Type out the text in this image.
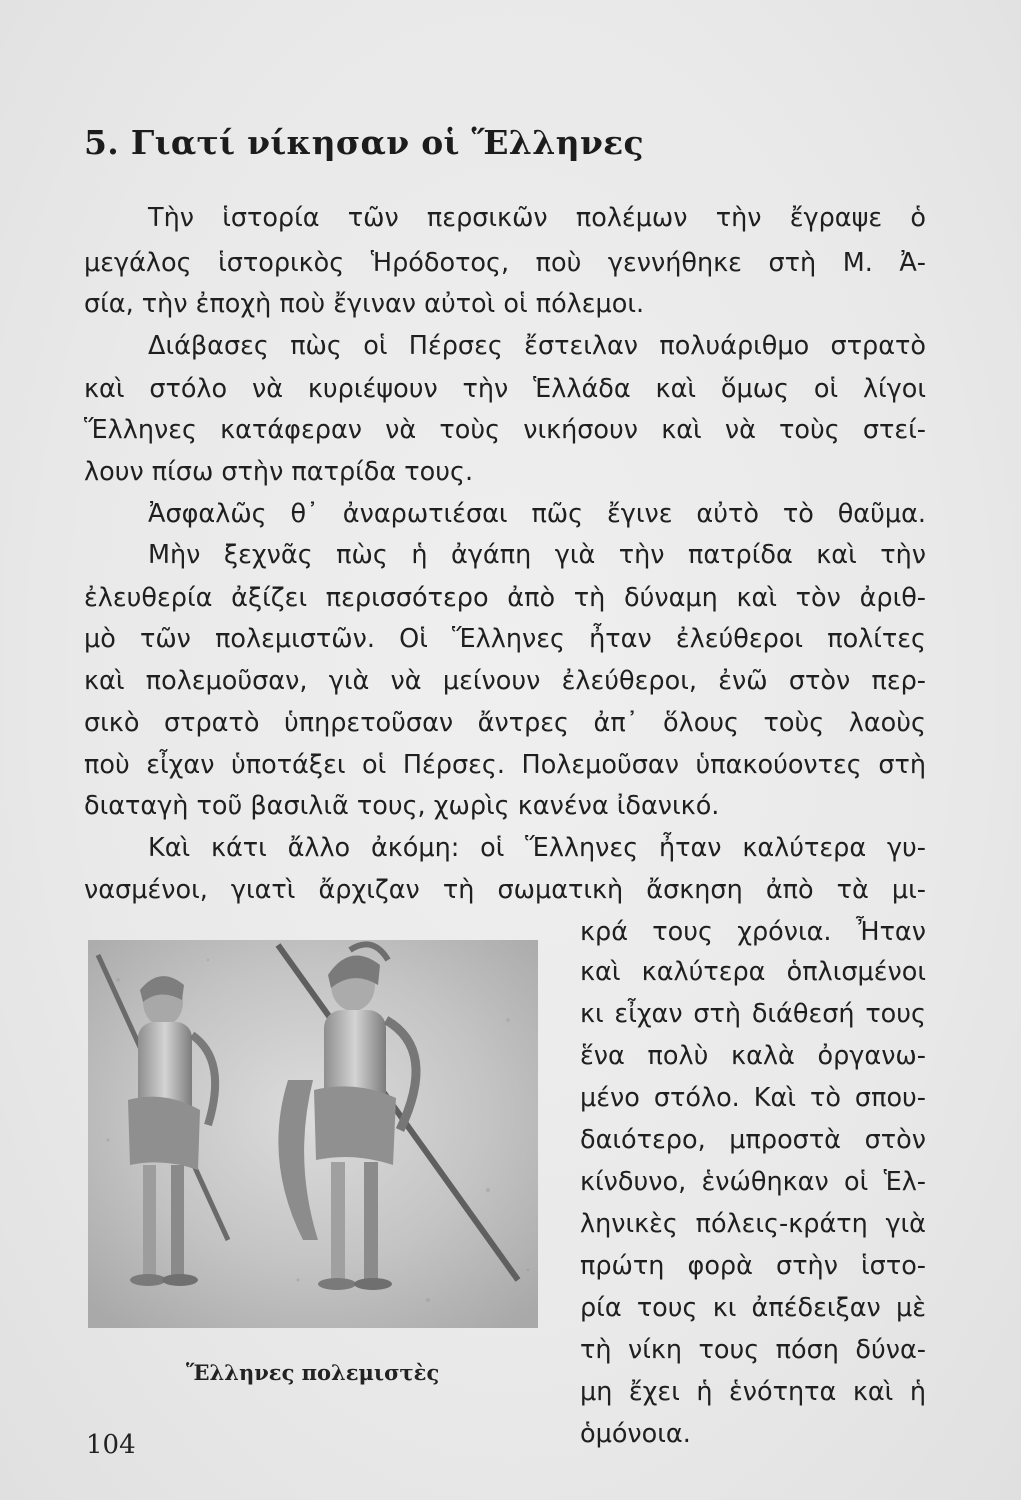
5. Γιατί νίκησαν οἱ Ἕλληνες
Τὴν ἱστορία τῶν περσικῶν πολέμων τὴν ἔγραψε ὁ
μεγάλος ἱστορικὸς Ἡρόδοτος, ποὺ γεννήθηκε στὴ Μ. Ἀ-
σία, τὴν ἐποχὴ ποὺ ἔγιναν αὐτοὶ οἱ πόλεμοι.
Διάβασες πὼς οἱ Πέρσες ἔστειλαν πολυάριθμο στρατὸ
καὶ στόλο νὰ κυριέψουν τὴν Ἑλλάδα καὶ ὅμως οἱ λίγοι
Ἕλληνες κατάφεραν νὰ τοὺς νικήσουν καὶ νὰ τοὺς στεί-
λουν πίσω στὴν πατρίδα τους.
Ἀσφαλῶς θ᾽ ἀναρωτιέσαι πῶς ἔγινε αὐτὸ τὸ θαῦμα.
Μὴν ξεχνᾶς πὼς ἡ ἀγάπη γιὰ τὴν πατρίδα καὶ τὴν
ἐλευθερία ἀξίζει περισσότερο ἀπὸ τὴ δύναμη καὶ τὸν ἀριθ-
μὸ τῶν πολεμιστῶν. Οἱ Ἕλληνες ἦταν ἐλεύθεροι πολίτες
καὶ πολεμοῦσαν, γιὰ νὰ μείνουν ἐλεύθεροι, ἐνῶ στὸν περ-
σικὸ στρατὸ ὑπηρετοῦσαν ἄντρες ἀπ᾽ ὅλους τοὺς λαοὺς
ποὺ εἶχαν ὑποτάξει οἱ Πέρσες. Πολεμοῦσαν ὑπακούοντες στὴ
διαταγὴ τοῦ βασιλιᾶ τους, χωρὶς κανένα ἰδανικό.
Καὶ κάτι ἄλλο ἀκόμη: οἱ Ἕλληνες ἦταν καλύτερα γυ-
νασμένοι, γιατὶ ἄρχιζαν τὴ σωματικὴ ἄσκηση ἀπὸ τὰ μι-
κρά τους χρόνια. Ἦταν
καὶ καλύτερα ὁπλισμένοι
κι εἶχαν στὴ διάθεσή τους
ἕνα πολὺ καλὰ ὀργανω-
μένο στόλο. Καὶ τὸ σπου-
δαιότερο, μπροστὰ στὸν
κίνδυνο, ἑνώθηκαν οἱ Ἑλ-
ληνικὲς πόλεις-κράτη γιὰ
πρώτη φορὰ στὴν ἱστο-
ρία τους κι ἀπέδειξαν μὲ
τὴ νίκη τους πόση δύνα-
μη ἔχει ἡ ἑνότητα καὶ ἡ
ὁμόνοια.
Ἕλληνες πολεμιστὲς
104
